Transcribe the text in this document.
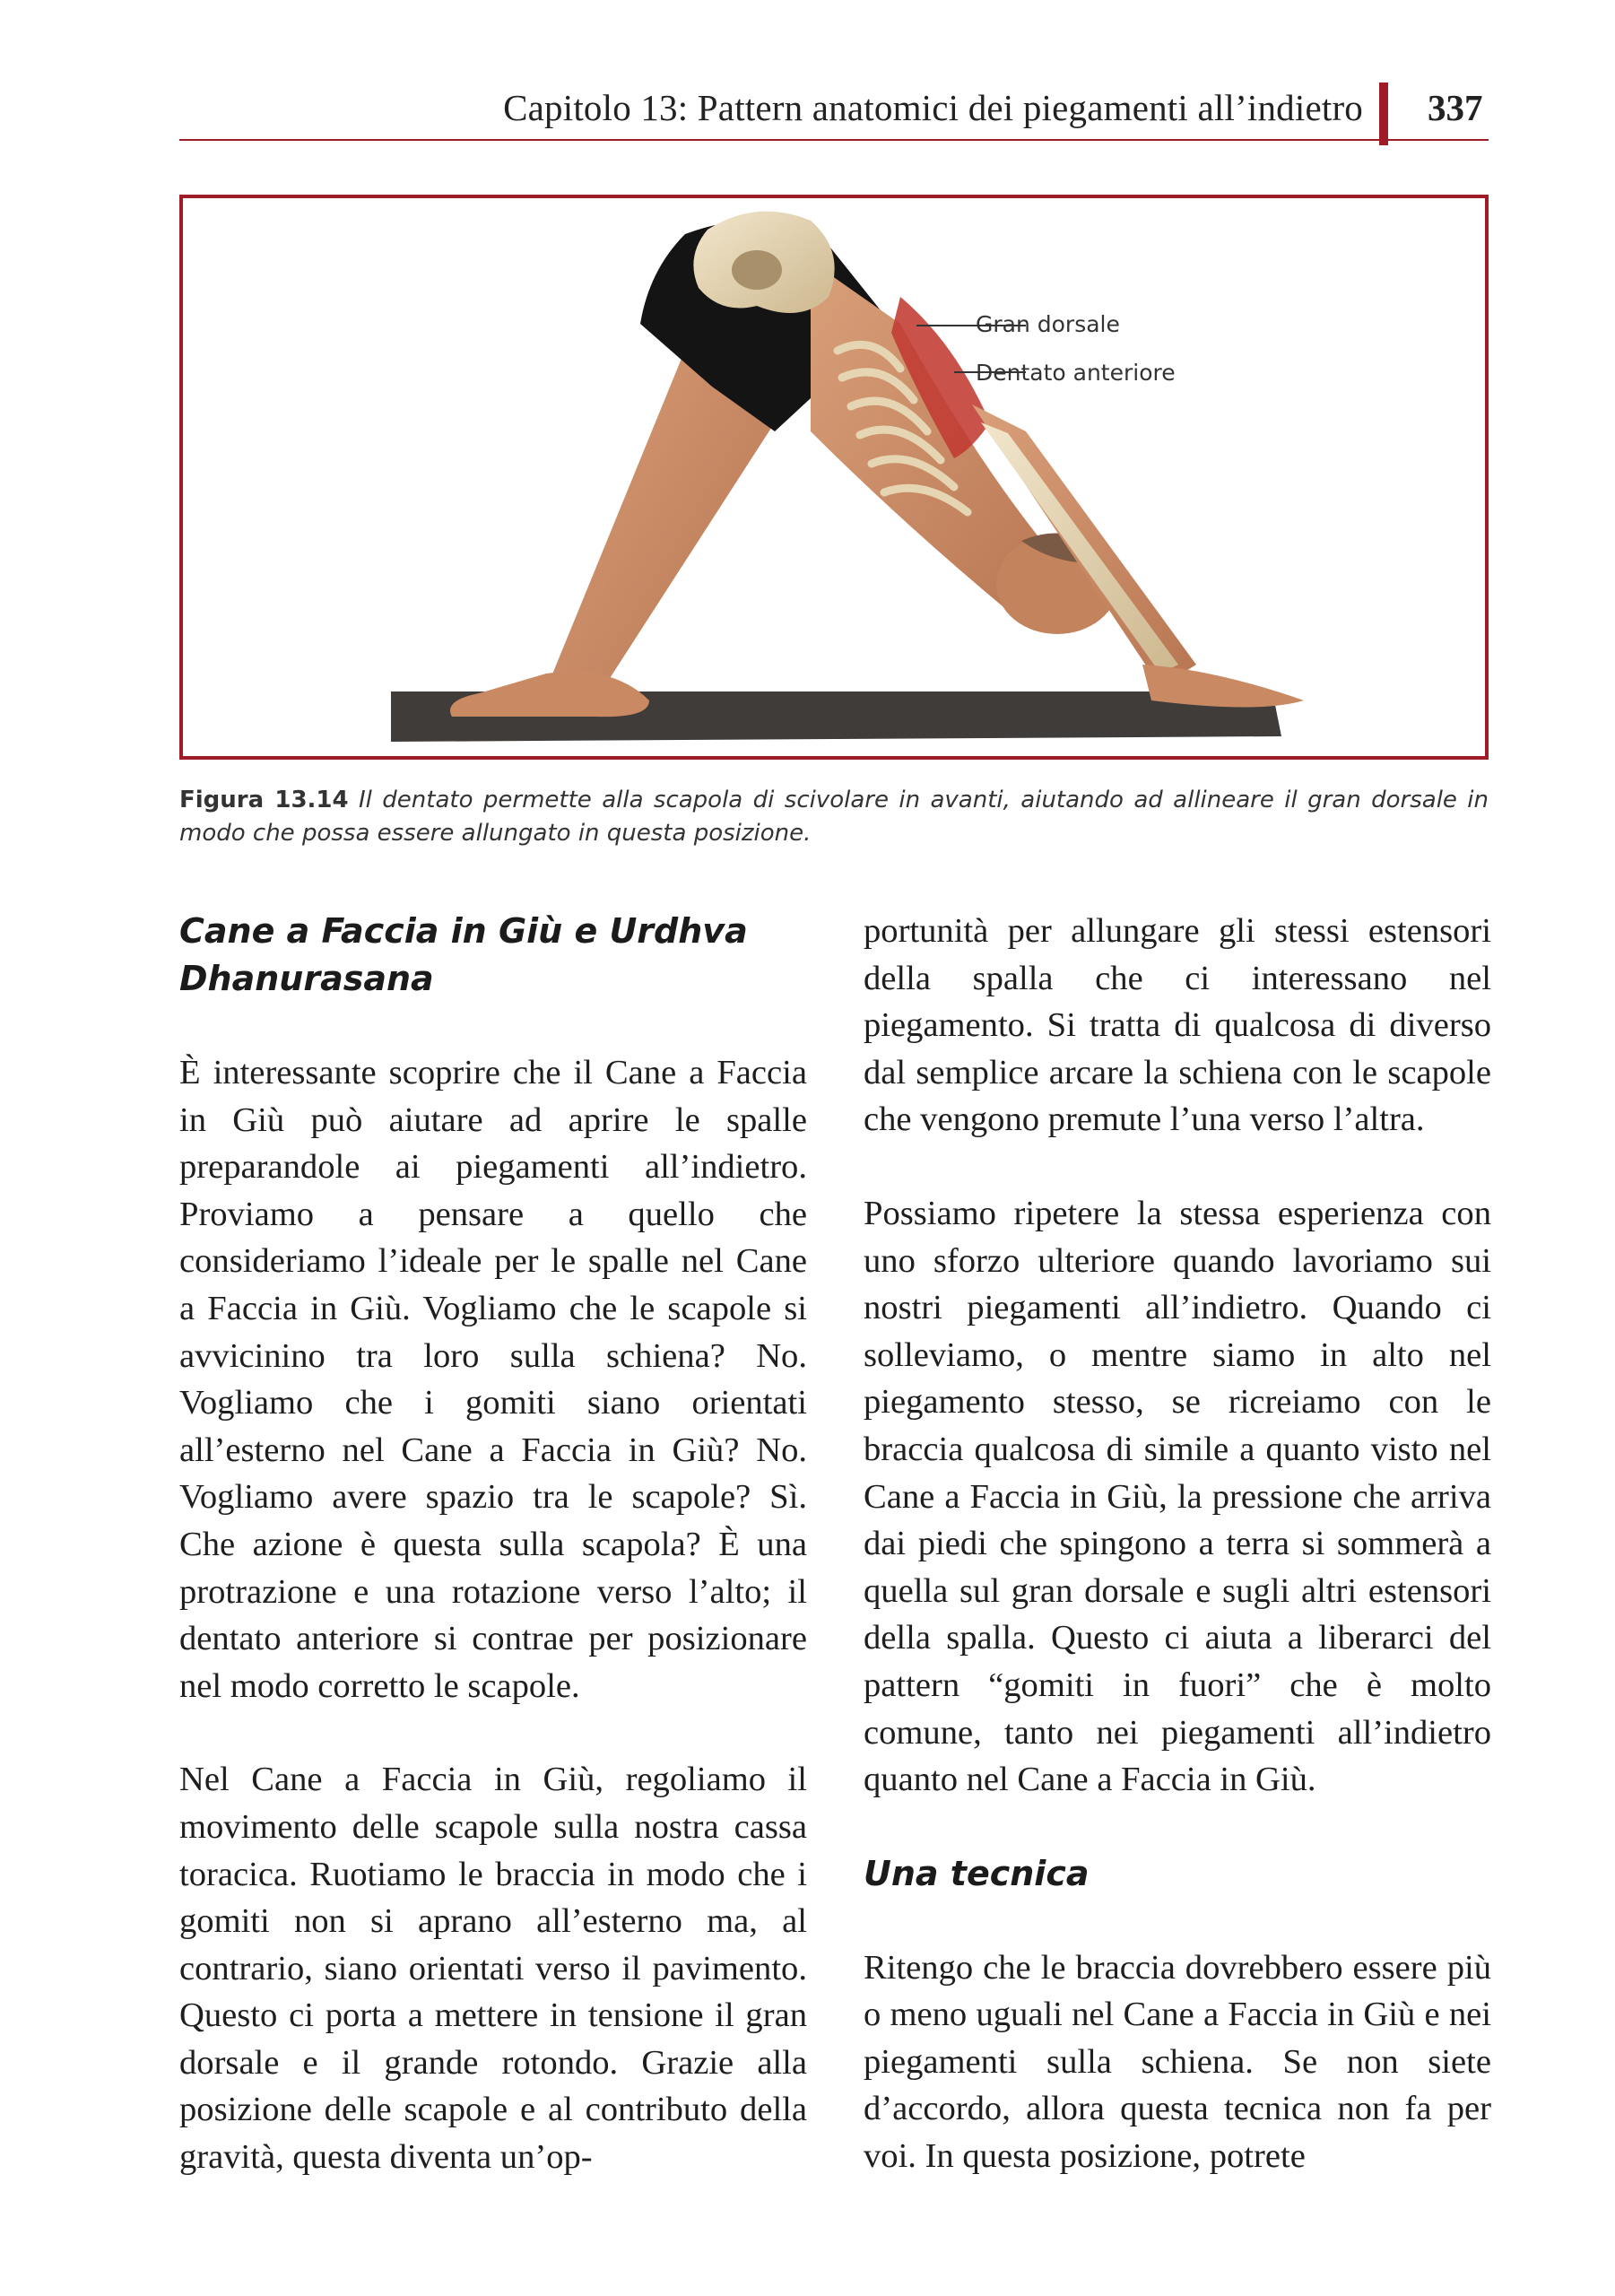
Capitolo 13: Pattern anatomici dei piegamenti all’indietro 337
Gran dorsale
Dentato anteriore
Figura 13.14 Il dentato permette alla scapola di scivolare in avanti, aiutando ad allineare il gran dorsale in modo che possa essere allungato in questa posizione.
Cane a Faccia in Giù e Urdhva Dhanurasana

È interessante scoprire che il Cane a Faccia in Giù può aiutare ad aprire le spalle preparandole ai piegamenti all’indietro. Proviamo a pensare a quello che consideriamo l’ideale per le spalle nel Cane a Faccia in Giù. Vogliamo che le scapole si avvicinino tra loro sulla schiena? No. Vogliamo che i gomiti siano orientati all’esterno nel Cane a Faccia in Giù? No. Vogliamo avere spazio tra le scapole? Sì. Che azione è questa sulla scapola? È una protrazione e una rotazione verso l’alto; il dentato anteriore si contrae per posizionare nel modo corretto le scapole.

Nel Cane a Faccia in Giù, regoliamo il movimento delle scapole sulla nostra cassa toracica. Ruotiamo le braccia in modo che i gomiti non si aprano all’esterno ma, al contrario, siano orientati verso il pavimento. Questo ci porta a mettere in tensione il gran dorsale e il grande rotondo. Grazie alla posizione delle scapole e al contributo della gravità, questa diventa un’op-

portunità per allungare gli stessi estensori della spalla che ci interessano nel piegamento. Si tratta di qualcosa di diverso dal semplice arcare la schiena con le scapole che vengono premute l’una verso l’altra.

Possiamo ripetere la stessa esperienza con uno sforzo ulteriore quando lavoriamo sui nostri piegamenti all’indietro. Quando ci solleviamo, o mentre siamo in alto nel piegamento stesso, se ricreiamo con le braccia qualcosa di simile a quanto visto nel Cane a Faccia in Giù, la pressione che arriva dai piedi che spingono a terra si sommerà a quella sul gran dorsale e sugli altri estensori della spalla. Questo ci aiuta a liberarci del pattern “gomiti in fuori” che è molto comune, tanto nei piegamenti all’indietro quanto nel Cane a Faccia in Giù.

Una tecnica

Ritengo che le braccia dovrebbero essere più o meno uguali nel Cane a Faccia in Giù e nei piegamenti sulla schiena. Se non siete d’accordo, allora questa tecnica non fa per voi. In questa posizione, potrete
